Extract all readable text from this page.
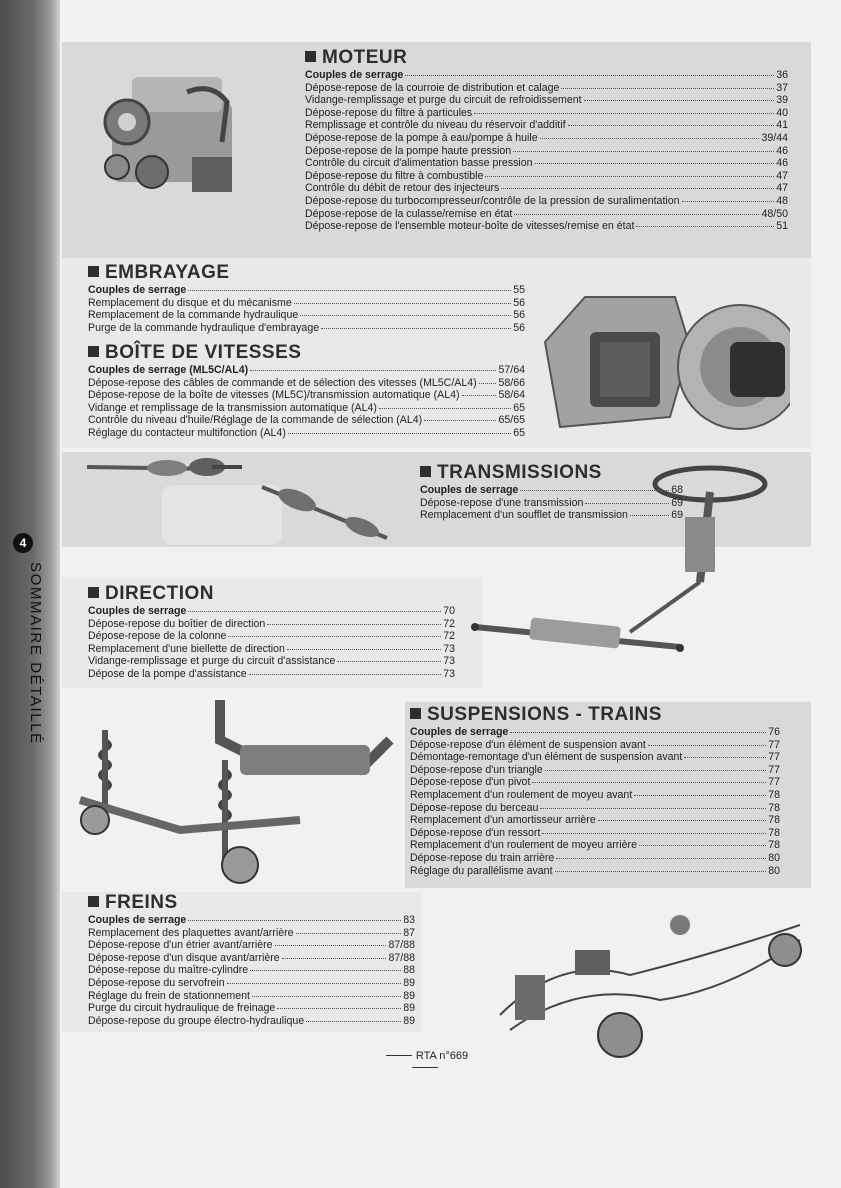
4
SOMMAIRE DÉTAILLÉ
MOTEUR
Couples de serrage	36
Dépose-repose de la courroie de distribution et calage	37
Vidange-remplissage et purge du circuit de refroidissement	39
Dépose-repose du filtre à particules	40
Remplissage et contrôle du niveau du réservoir d'additif	41
Dépose-repose de la pompe à eau/pompe à huile	39/44
Dépose-repose de la pompe haute pression	46
Contrôle du circuit d'alimentation basse pression	46
Dépose-repose du filtre à combustible	47
Contrôle du débit de retour des injecteurs	47
Dépose-repose du turbocompresseur/contrôle de la pression de suralimentation	48
Dépose-repose de la culasse/remise en état	48/50
Dépose-repose de l'ensemble moteur-boîte de vitesses/remise en état	51
EMBRAYAGE
Couples de serrage	55
Remplacement du disque et du mécanisme	56
Remplacement de la commande hydraulique	56
Purge de la commande hydraulique d'embrayage	56
BOÎTE DE VITESSES
Couples de serrage (ML5C/AL4)	57/64
Dépose-repose des câbles de commande et de sélection des vitesses (ML5C/AL4) 58/66
Dépose-repose de la boîte de vitesses (ML5C)/transmission automatique (AL4)	58/64
Vidange et remplissage de la transmission automatique (AL4)	65
Contrôle du niveau d'huile/Réglage de la commande de sélection (AL4)	65/65
Réglage du contacteur multifonction (AL4)	65
TRANSMISSIONS
Couples de serrage	68
Dépose-repose d'une transmission	69
Remplacement d'un soufflet de transmission	69
DIRECTION
Couples de serrage	70
Dépose-repose du boîtier de direction	72
Dépose-repose de la colonne	72
Remplacement d'une biellette de direction	73
Vidange-remplissage et purge du circuit d'assistance	73
Dépose de la pompe d'assistance	73
SUSPENSIONS - TRAINS
Couples de serrage	76
Dépose-repose d'un élément de suspension avant	77
Démontage-remontage d'un élément de suspension avant	77
Dépose-repose d'un triangle	77
Dépose-repose d'un pivot	77
Remplacement d'un roulement de moyeu avant	78
Dépose-repose du berceau	78
Remplacement d'un amortisseur arrière	78
Dépose-repose d'un ressort	78
Remplacement d'un roulement de moyeu arrière	78
Dépose-repose du train arrière	80
Réglage du parallélisme avant	80
FREINS
Couples de serrage	83
Remplacement des plaquettes avant/arrière	87
Dépose-repose d'un étrier avant/arrière	87/88
Dépose-repose d'un disque avant/arrière	87/88
Dépose-repose du maître-cylindre	88
Dépose-repose du servofrein	89
Réglage du frein de stationnement	89
Purge du circuit hydraulique de freinage	89
Dépose-repose du groupe électro-hydraulique	89
RTA n°669
